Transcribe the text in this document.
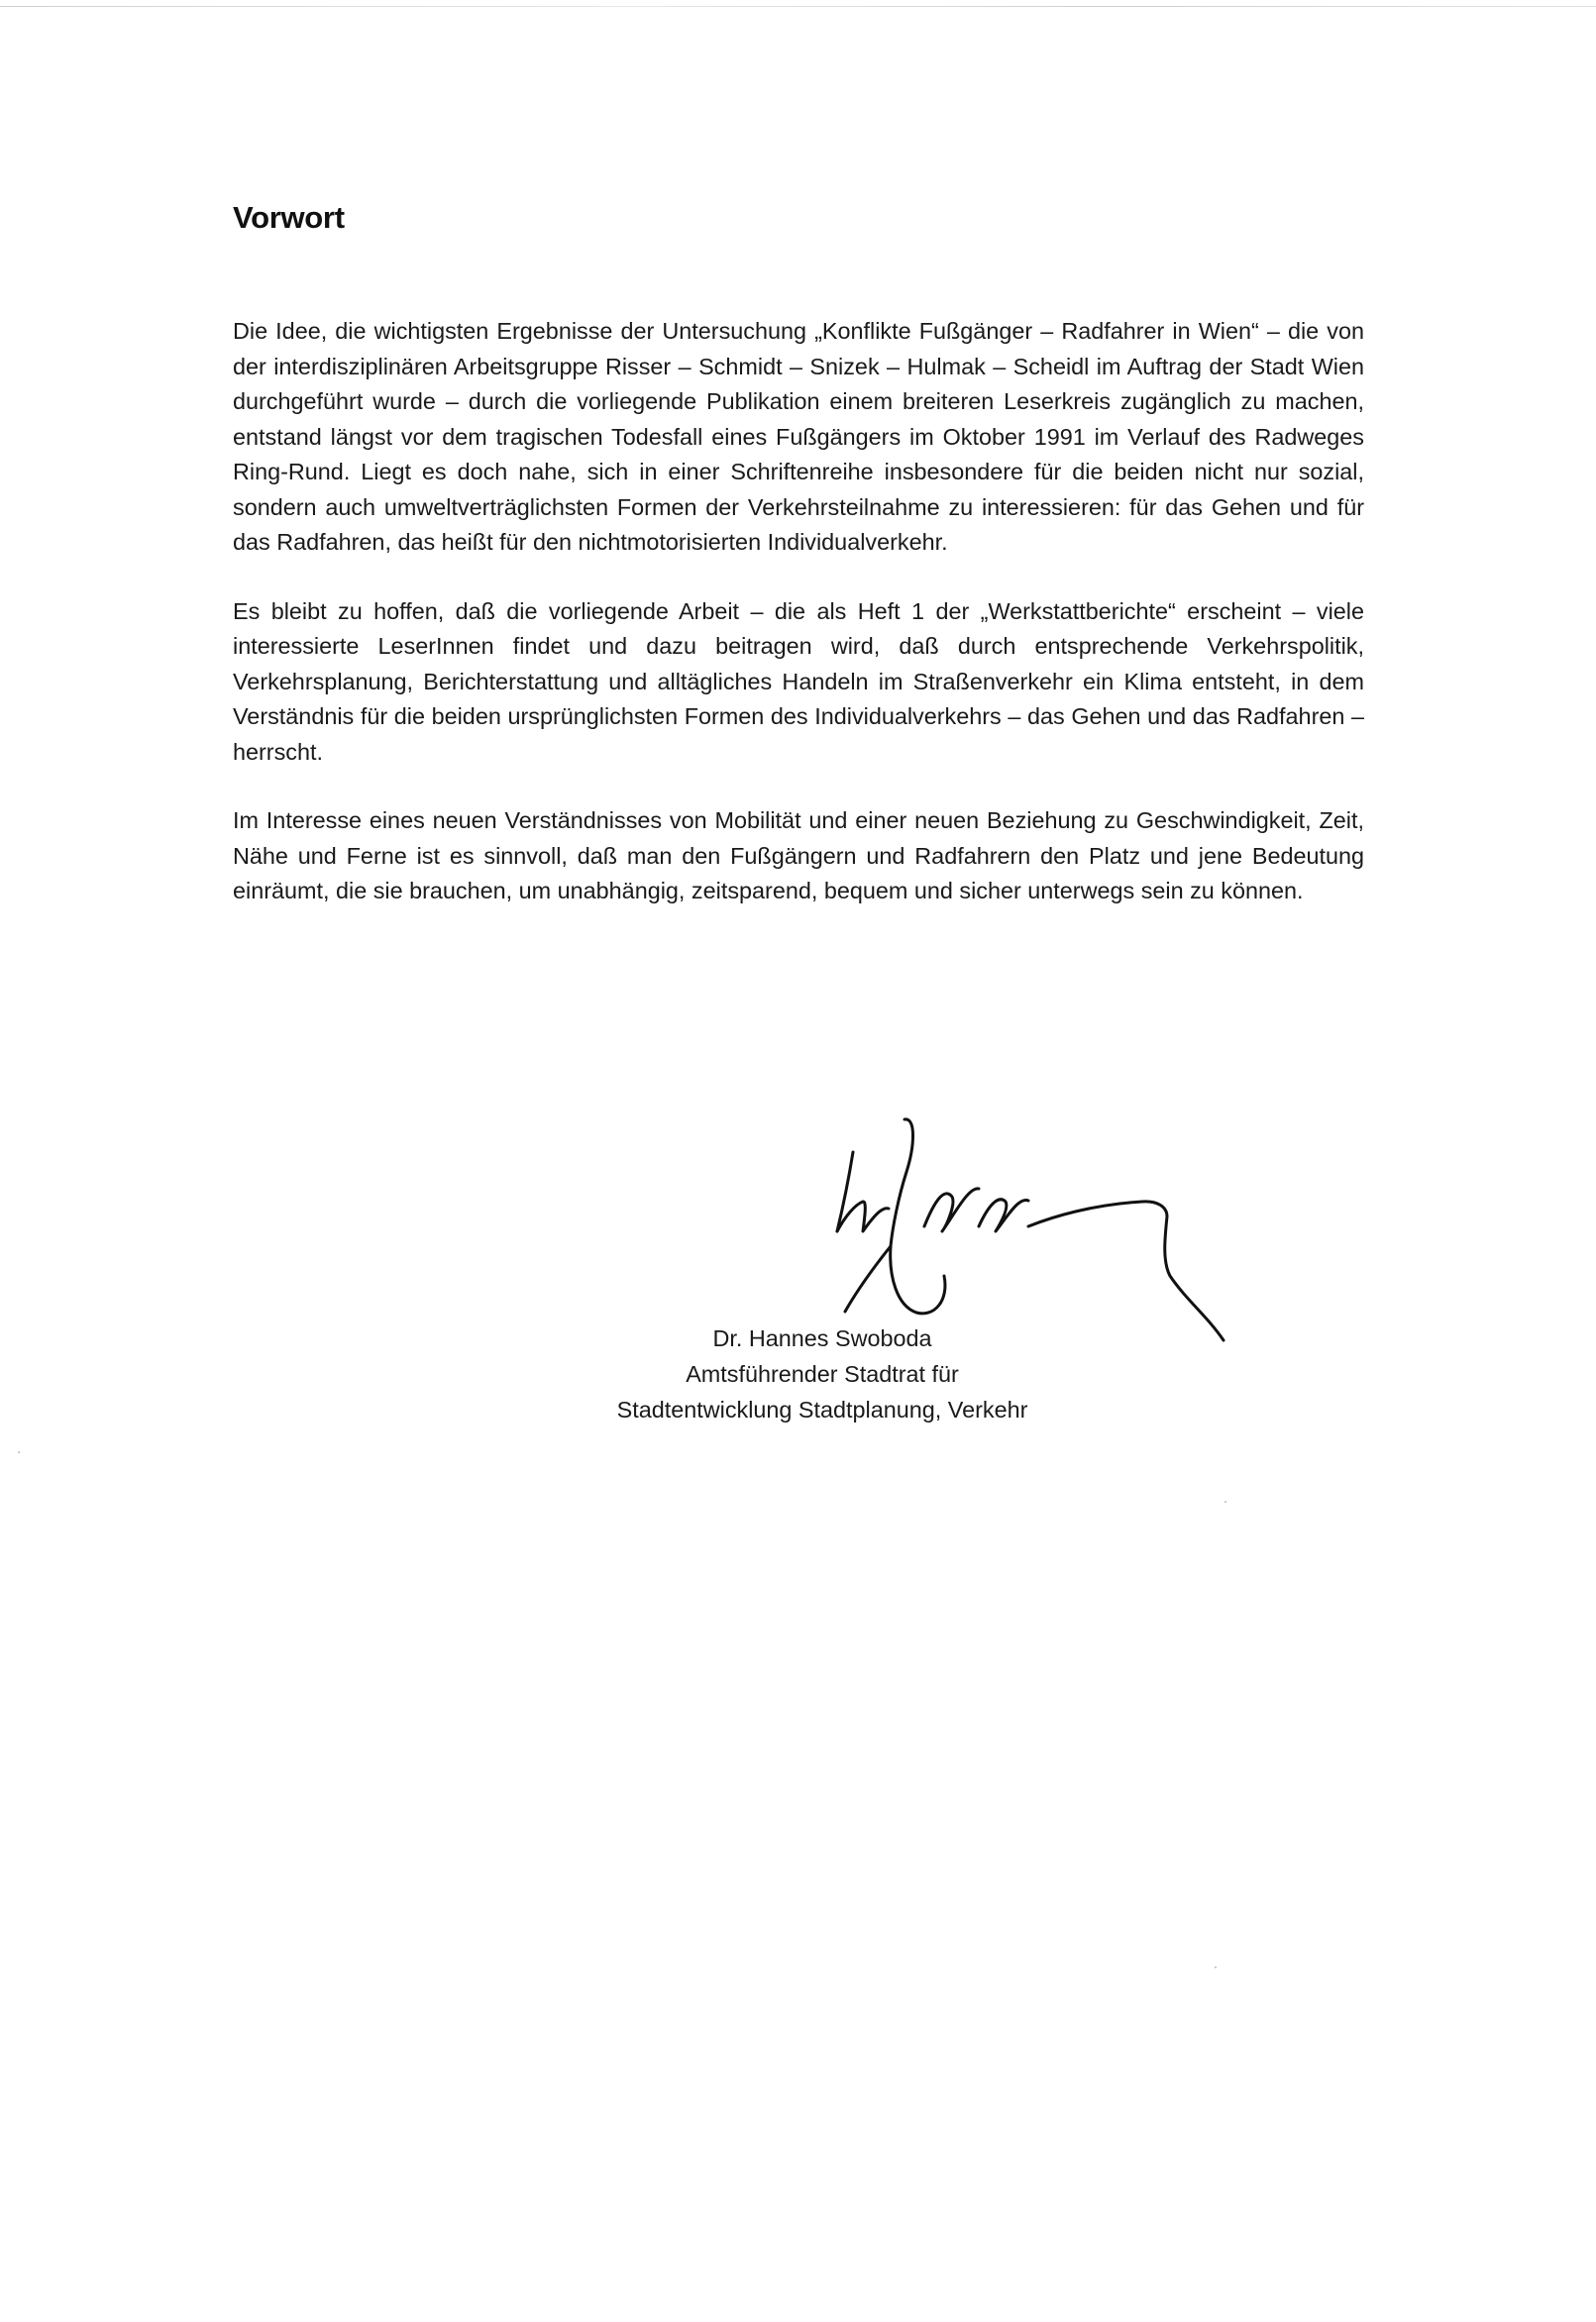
Vorwort

Die Idee, die wichtigsten Ergebnisse der Untersuchung „Konflikte Fußgänger – Radfahrer in Wien“ – die von der interdisziplinären Arbeitsgruppe Risser – Schmidt – Snizek – Hulmak – Scheidl im Auftrag der Stadt Wien durchgeführt wurde – durch die vorliegende Publikation einem breiteren Leserkreis zugänglich zu machen, entstand längst vor dem tragischen Todesfall eines Fußgängers im Oktober 1991 im Verlauf des Radweges Ring-Rund. Liegt es doch nahe, sich in einer Schriftenreihe insbesondere für die beiden nicht nur sozial, sondern auch umweltverträglichsten Formen der Verkehrsteilnahme zu interessieren: für das Gehen und für das Radfahren, das heißt für den nichtmotorisierten Individualverkehr.

Es bleibt zu hoffen, daß die vorliegende Arbeit – die als Heft 1 der „Werkstattberichte“ erscheint – viele interessierte LeserInnen findet und dazu beitragen wird, daß durch entsprechende Verkehrspolitik, Verkehrsplanung, Berichterstattung und alltägliches Handeln im Straßenverkehr ein Klima entsteht, in dem Verständnis für die beiden ursprünglichsten Formen des Individualverkehrs – das Gehen und das Radfahren – herrscht.

Im Interesse eines neuen Verständnisses von Mobilität und einer neuen Beziehung zu Geschwindigkeit, Zeit, Nähe und Ferne ist es sinnvoll, daß man den Fußgängern und Radfahrern den Platz und jene Bedeutung einräumt, die sie brauchen, um unabhängig, zeitsparend, bequem und sicher unterwegs sein zu können.

Dr. Hannes Swoboda
Amtsführender Stadtrat für
Stadtentwicklung Stadtplanung, Verkehr
